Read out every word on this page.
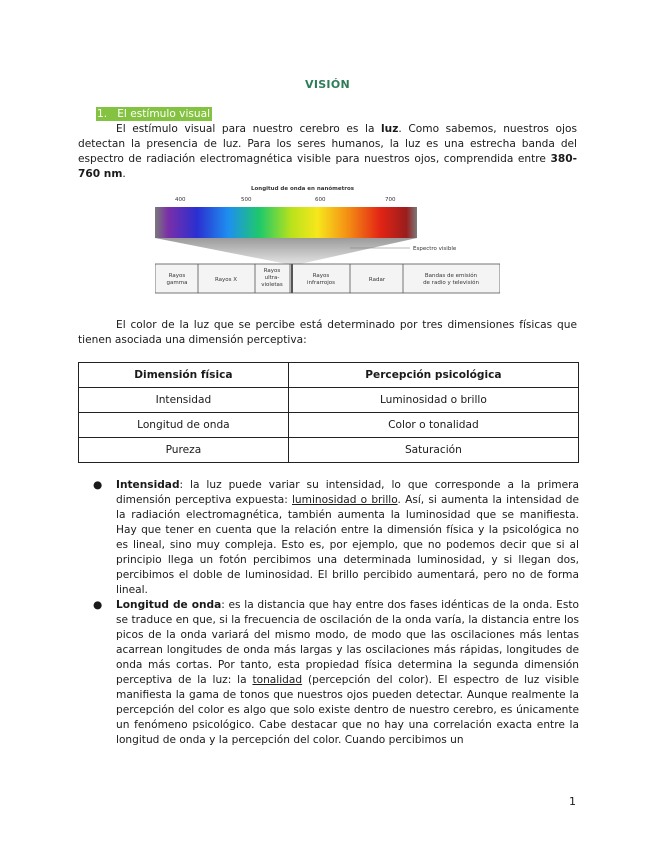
VISIÓN
1. El estímulo visual
El estímulo visual para nuestro cerebro es la luz. Como sabemos, nuestros ojos detectan la presencia de luz. Para los seres humanos, la luz es una estrecha banda del espectro de radiación electromagnética visible para nuestros ojos, comprendida entre 380-760 nm.
Longitud de onda en nanómetros
400	500	600	700
Espectro visible
Rayos
gamma	Rayos X
Rayos
ultra-
violetas
Rayos
infrarrojos	Radar
Bandas de emisión
de radio y televisión
El color de la luz que se percibe está determinado por tres dimensiones físicas que tienen asociada una dimensión perceptiva:
Dimensión física	Percepción psicológica
Intensidad	Luminosidad o brillo
Longitud de onda	Color o tonalidad
Pureza	Saturación
● Intensidad: la luz puede variar su intensidad, lo que corresponde a la primera dimensión perceptiva expuesta: luminosidad o brillo. Así, si aumenta la intensidad de la radiación electromagnética, también aumenta la luminosidad que se manifiesta. Hay que tener en cuenta que la relación entre la dimensión física y la psicológica no es lineal, sino muy compleja. Esto es, por ejemplo, que no podemos decir que si al principio llega un fotón percibimos una determinada luminosidad, y si llegan dos, percibimos el doble de luminosidad. El brillo percibido aumentará, pero no de forma lineal.
● Longitud de onda: es la distancia que hay entre dos fases idénticas de la onda. Esto se traduce en que, si la frecuencia de oscilación de la onda varía, la distancia entre los picos de la onda variará del mismo modo, de modo que las oscilaciones más lentas acarrean longitudes de onda más largas y las oscilaciones más rápidas, longitudes de onda más cortas. Por tanto, esta propiedad física determina la segunda dimensión perceptiva de la luz: la tonalidad (percepción del color). El espectro de luz visible manifiesta la gama de tonos que nuestros ojos pueden detectar. Aunque realmente la percepción del color es algo que solo existe dentro de nuestro cerebro, es únicamente un fenómeno psicológico. Cabe destacar que no hay una correlación exacta entre la longitud de onda y la percepción del color. Cuando percibimos un
1
